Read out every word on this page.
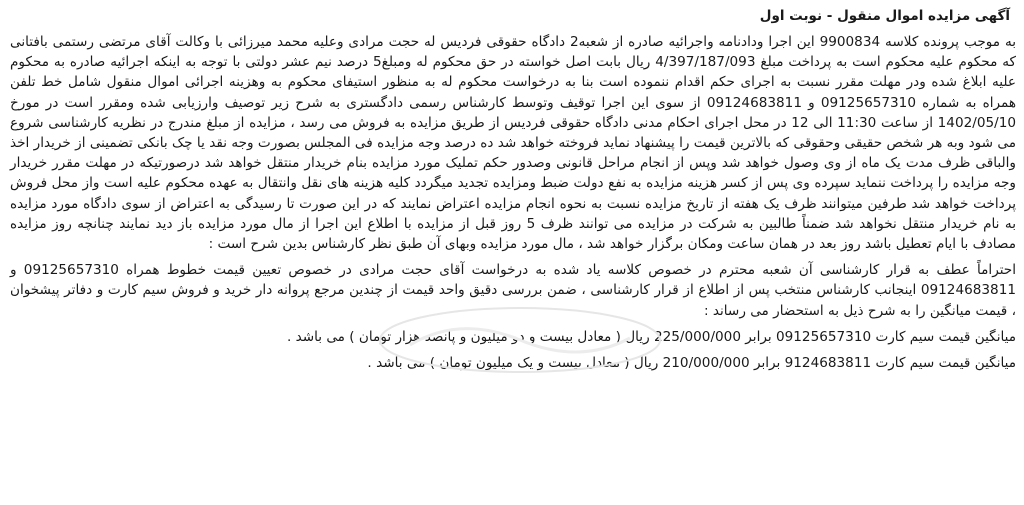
آگهی مزایده اموال منقول - نوبت اول

به موجب پرونده کلاسه 9900834 این اجرا ودادنامه واجرائیه صادره از شعبه2 دادگاه حقوقی فردیس له حجت مرادی وعلیه محمد میرزائی با وکالت آقای مرتضی رستمی بافتانی که محکوم علیه محکوم است به پرداخت مبلغ 4/397/187/093 ریال بابت اصل خواسته در حق محکوم له ومبلغ5 درصد نیم عشر دولتی با توجه به اینکه اجرائیه صادره به محکوم علیه ابلاغ شده ودر مهلت مقرر نسبت به اجرای حکم اقدام ننموده است بنا به درخواست محکوم له به منظور استیفای محکوم به وهزینه اجرائی اموال منقول شامل خط تلفن همراه به شماره 09125657310 و 09124683811 از سوی این اجرا توقیف وتوسط کارشناس رسمی دادگستری به شرح زیر توصیف وارزیابی شده ومقرر است در مورخ 1402/05/10 از ساعت 11:30 الی 12 در محل اجرای احکام مدنی دادگاه حقوقی فردیس از طریق مزایده به فروش می رسد ، مزایده از مبلغ مندرج در نظریه کارشناسی شروع می شود وبه هر شخص حقیقی وحقوقی که بالاترین قیمت را پیشنهاد نماید فروخته خواهد شد ده درصد وجه مزایده فی المجلس بصورت وجه نقد یا چک بانکی تضمینی از خریدار اخذ والباقی ظرف مدت یک ماه از وی وصول خواهد شد وپس از انجام مراحل قانونی وصدور حکم تملیک مورد مزایده بنام خریدار منتقل خواهد شد درصورتیکه در مهلت مقرر خریدار وجه مزایده را پرداخت ننماید سپرده وی پس از کسر هزینه مزایده به نفع دولت ضبط ومزایده تجدید میگردد کلیه هزینه های نقل وانتقال به عهده محکوم علیه است واز محل فروش پرداخت خواهد شد طرفین میتوانند ظرف یک هفته از تاریخ مزایده نسبت به نحوه انجام مزایده اعتراض نمایند که در این صورت تا رسیدگی به اعتراض از سوی دادگاه مورد مزایده به نام خریدار منتقل نخواهد شد ضمناً طالبین به شرکت در مزایده می توانند ظرف 5 روز قبل از مزایده با اطلاع این اجرا از مال مورد مزایده باز دید نمایند چنانچه روز مزایده مصادف با ایام تعطیل باشد روز بعد در همان ساعت ومکان برگزار خواهد شد ، مال مورد مزایده وبهای آن طبق نظر کارشناس بدین شرح است :

احتراماً عطف به قرار کارشناسی آن شعبه محترم در خصوص کلاسه یاد شده به درخواست آقای حجت مرادی در خصوص تعیین قیمت خطوط همراه 09125657310 و 09124683811 اینجانب کارشناس منتخب پس از اطلاع از قرار کارشناسی ، ضمن بررسی دقیق واحد قیمت از چندین مرجع پروانه دار خرید و فروش سیم کارت و دفاتر پیشخوان ، قیمت میانگین را به شرح ذیل به استحضار می رساند :

میانگین قیمت سیم کارت 09125657310 برابر 225/000/000 ریال ( معادل بیست و دو میلیون و پانصد هزار تومان ) می باشد .

میانگین قیمت سیم کارت 9124683811 برابر 210/000/000 ریال ( معادل بیست و یک میلیون تومان ) می باشد .
